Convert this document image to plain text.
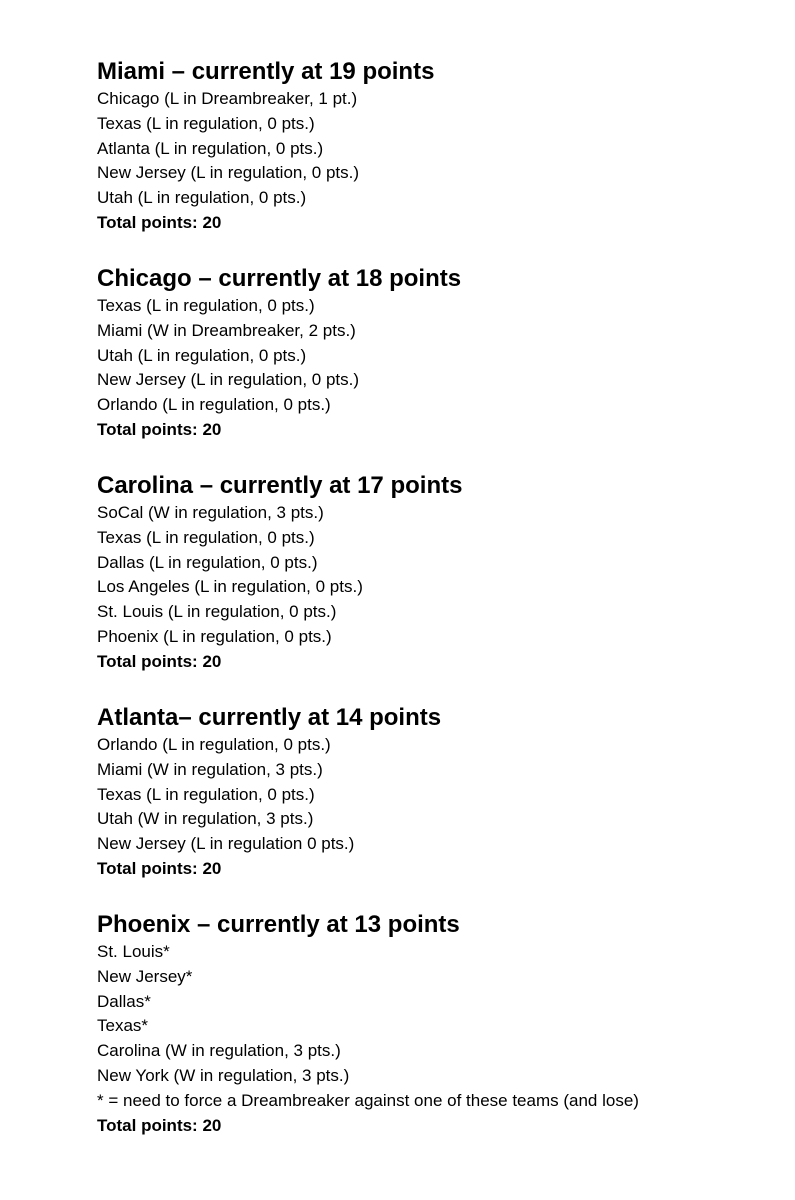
Miami – currently at 19 points
Chicago (L in Dreambreaker, 1 pt.)
Texas (L in regulation, 0 pts.)
Atlanta (L in regulation, 0 pts.)
New Jersey (L in regulation, 0 pts.)
Utah (L in regulation, 0 pts.)
Total points: 20
Chicago – currently at 18 points
Texas (L in regulation, 0 pts.)
Miami (W in Dreambreaker, 2 pts.)
Utah (L in regulation, 0 pts.)
New Jersey (L in regulation, 0 pts.)
Orlando (L in regulation, 0 pts.)
Total points: 20
Carolina – currently at 17 points
SoCal (W in regulation, 3 pts.)
Texas (L in regulation, 0 pts.)
Dallas (L in regulation, 0 pts.)
Los Angeles (L in regulation, 0 pts.)
St. Louis (L in regulation, 0 pts.)
Phoenix (L in regulation, 0 pts.)
Total points: 20
Atlanta– currently at 14 points
Orlando (L in regulation, 0 pts.)
Miami (W in regulation, 3 pts.)
Texas (L in regulation, 0 pts.)
Utah (W in regulation, 3 pts.)
New Jersey (L in regulation 0 pts.)
Total points: 20
Phoenix – currently at 13 points
St. Louis*
New Jersey*
Dallas*
Texas*
Carolina (W in regulation, 3 pts.)
New York (W in regulation, 3 pts.)
* = need to force a Dreambreaker against one of these teams (and lose)
Total points: 20
